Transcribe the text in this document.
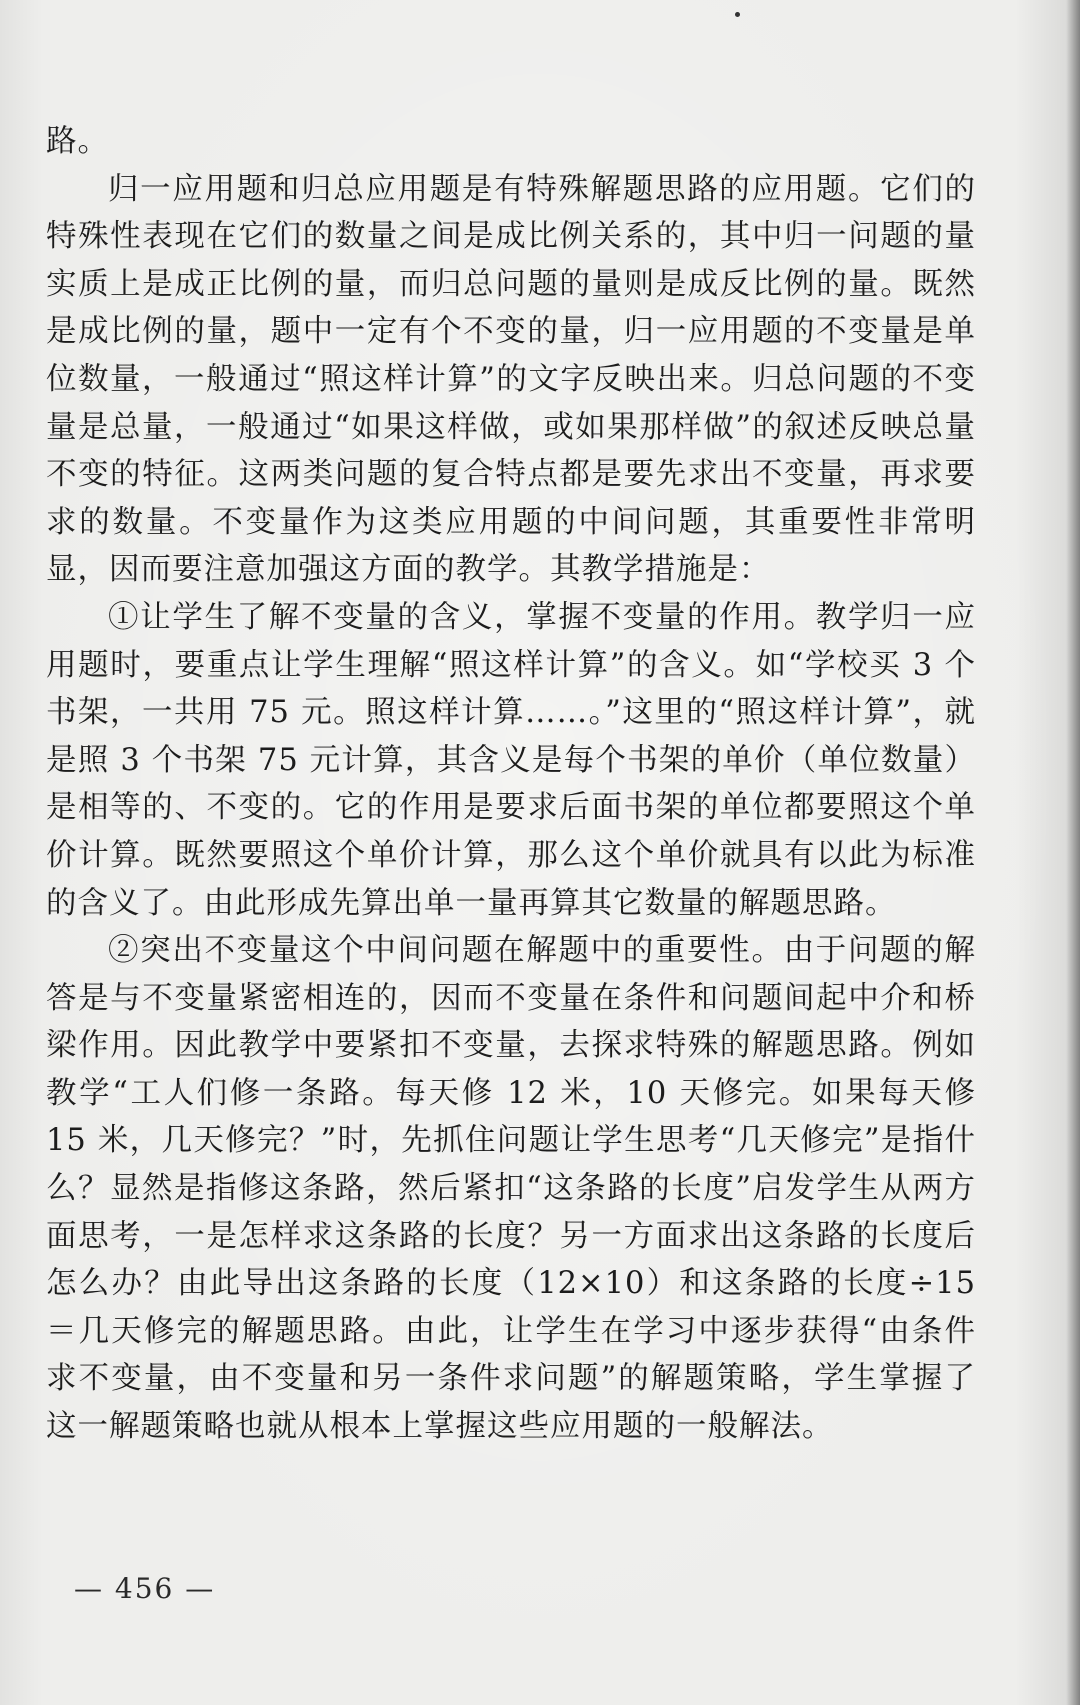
路。

归一应用题和归总应用题是有特殊解题思路的应用题。它们的特殊性表现在它们的数量之间是成比例关系的，其中归一问题的量实质上是成正比例的量，而归总问题的量则是成反比例的量。既然是成比例的量，题中一定有个不变的量，归一应用题的不变量是单位数量，一般通过“照这样计算”的文字反映出来。归总问题的不变量是总量，一般通过“如果这样做，或如果那样做”的叙述反映总量不变的特征。这两类问题的复合特点都是要先求出不变量，再求要求的数量。不变量作为这类应用题的中间问题，其重要性非常明显，因而要注意加强这方面的教学。其教学措施是：

①让学生了解不变量的含义，掌握不变量的作用。教学归一应用题时，要重点让学生理解“照这样计算”的含义。如“学校买 3 个书架，一共用 75 元。照这样计算……。”这里的“照这样计算”，就是照 3 个书架 75 元计算，其含义是每个书架的单价（单位数量）是相等的、不变的。它的作用是要求后面书架的单位都要照这个单价计算。既然要照这个单价计算，那么这个单价就具有以此为标准的含义了。由此形成先算出单一量再算其它数量的解题思路。

②突出不变量这个中间问题在解题中的重要性。由于问题的解答是与不变量紧密相连的，因而不变量在条件和问题间起中介和桥梁作用。因此教学中要紧扣不变量，去探求特殊的解题思路。例如教学“工人们修一条路。每天修 12 米，10 天修完。如果每天修 15 米，几天修完？”时，先抓住问题让学生思考“几天修完”是指什么？显然是指修这条路，然后紧扣“这条路的长度”启发学生从两方面思考，一是怎样求这条路的长度？另一方面求出这条路的长度后怎么办？由此导出这条路的长度（12×10）和这条路的长度÷15＝几天修完的解题思路。由此，让学生在学习中逐步获得“由条件求不变量，由不变量和另一条件求问题”的解题策略，学生掌握了这一解题策略也就从根本上掌握这些应用题的一般解法。

— 456 —
